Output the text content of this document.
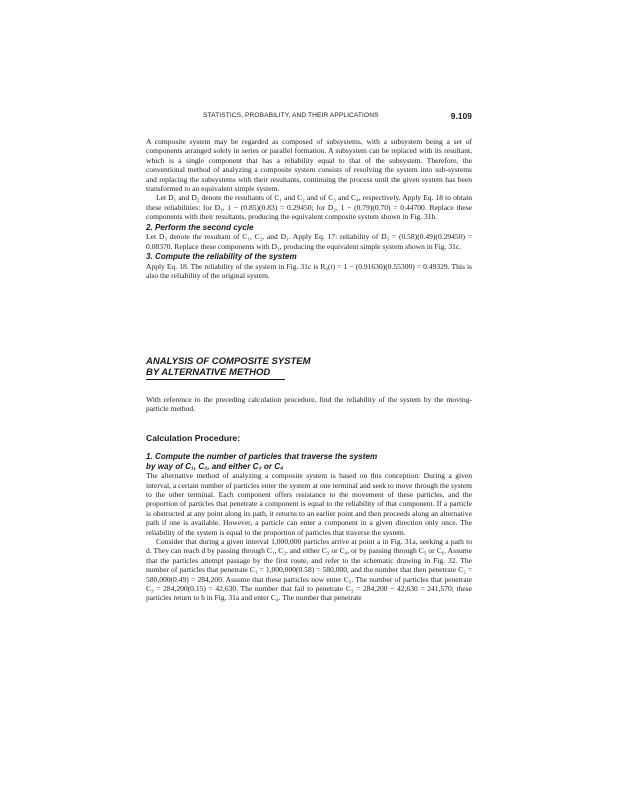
STATISTICS, PROBABILITY, AND THEIR APPLICATIONS	9.109

A composite system may be regarded as composed of subsystems, with a subsystem being a set of components arranged solely in series or parallel formation. A subsystem can be replaced with its resultant, which is a single component that has a reliability equal to that of the subsystem. Therefore, the conventional method of analyzing a composite system consists of resolving the system into sub-systems and replacing the subsystems with their resultants, continuing the process until the given system has been transformed to an equivalent simple system.

Let D₁ and D₂ denote the resultants of C₁ and C₂ and of C₃ and C₄, respectively. Apply Eq. 18 to obtain these reliabilities: for D₁, 1 − (0.85)(0.83) = 0.29450; for D₂, 1 − (0.79)(0.70) = 0.44700. Replace these components with their resultants, producing the equivalent composite system shown in Fig. 31b.

2. Perform the second cycle

Let D₃ denote the resultant of C₁, C₂, and D₁. Apply Eq. 17: reliability of D₃ = (0.58)(0.49)(0.29450) = 0.08370. Replace these components with D₃, producing the equivalent simple system shown in Fig. 31c.

3. Compute the reliability of the system

Apply Eq. 18. The reliability of the system in Fig. 31c is R₀(t) = 1 − (0.91630)(0.55300) = 0.49329. This is also the reliability of the original system.

ANALYSIS OF COMPOSITE SYSTEM
BY ALTERNATIVE METHOD
With reference to the preceding calculation procedure, find the reliability of the system by the moving-particle method.
Calculation Procedure:
1. Compute the number of particles that traverse the system
by way of C₁, C₂, and either C₃ or C₄

The alternative method of analyzing a composite system is based on this conception: During a given interval, a certain number of particles enter the system at one terminal and seek to move through the system to the other terminal. Each component offers resistance to the movement of these particles, and the proportion of particles that penetrate a component is equal to the reliability of that component. If a particle is obstructed at any point along its path, it returns to an earlier point and then proceeds along an alternative path if one is available. However, a particle can enter a component in a given direction only once. The reliability of the system is equal to the proportion of particles that traverse the system.

Consider that during a given interval 1,000,000 particles arrive at point a in Fig. 31a, seeking a path to d. They can reach d by passing through C₁, C₂, and either C₃ or C₄, or by passing through C₅ or C₆. Assume that the particles attempt passage by the first route, and refer to the schematic drawing in Fig. 32. The number of particles that penetrate C₁ = 1,000,000(0.58) = 580,000, and the number that then penetrate C₂ = 580,000(0.49) = 284,200. Assume that these particles now enter C₃. The number of particles that penetrate C₃ = 284,200(0.15) = 42,630. The number that fail to penetrate C₃ = 284,200 − 42,630 = 241,570; these particles return to b in Fig. 31a and enter C₄. The number that penetrate
